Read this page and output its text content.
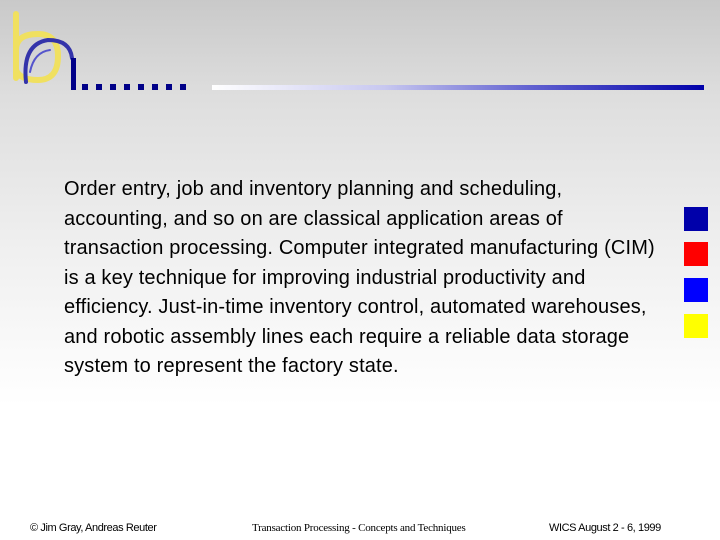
Order entry, job and inventory planning and scheduling, accounting, and so on are classical application areas of transaction processing. Computer integrated manufacturing (CIM) is a key technique for improving industrial productivity and efficiency. Just-in-time inventory control, automated warehouses, and robotic assembly lines each require a reliable data storage system to represent the factory state.
© Jim Gray, Andreas Reuter	Transaction Processing - Concepts and Techniques	WICS August 2 - 6, 1999
